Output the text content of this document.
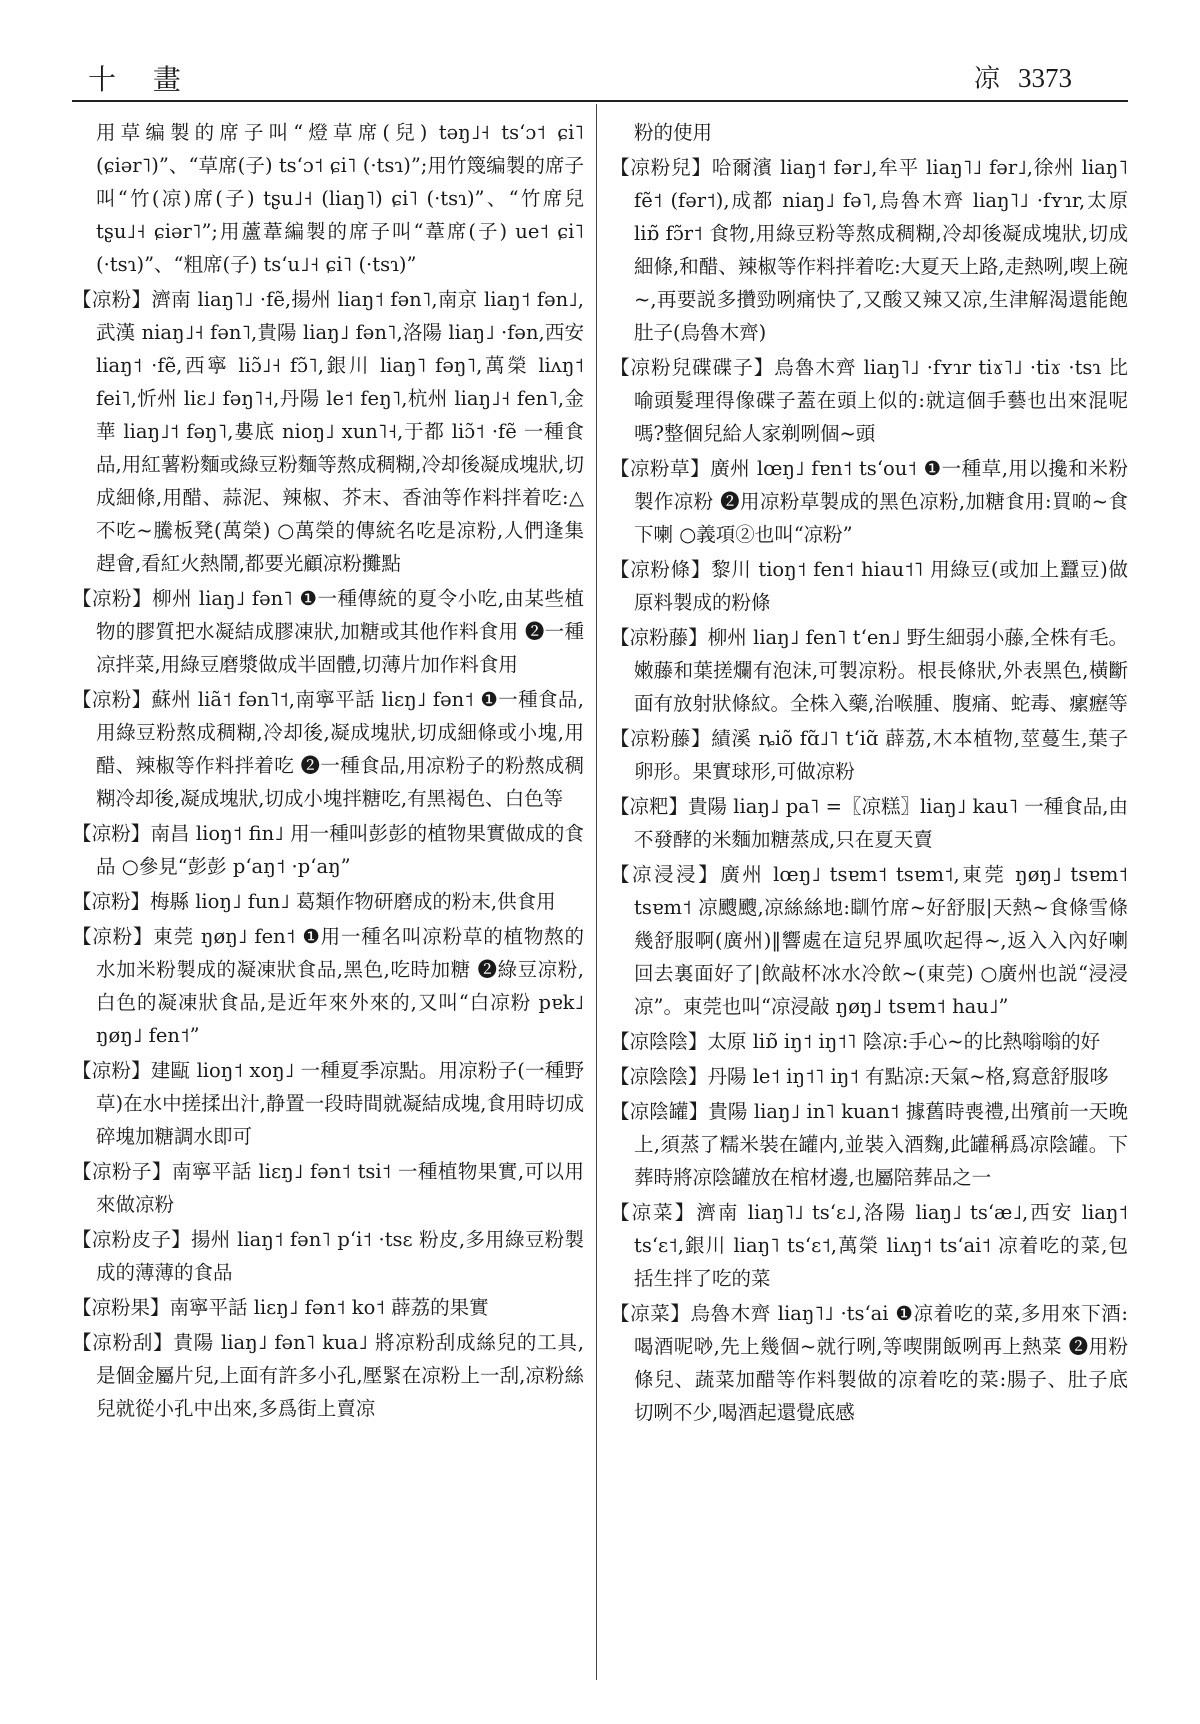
十 畫	凉 3373

用草编製的席子叫“燈草席(兒) təŋ˩˧ tsʻɔ˦ ɕi˥ (ɕiər˥)”、“草席(子) tsʻɔ˦ ɕi˥ (·tsɿ)”;用竹篾编製的席子叫“竹(凉)席(子) tʂu˩˧ (liaŋ˥) ɕi˥ (·tsɿ)”、“竹席兒 tʂu˩˧ ɕiər˥”;用蘆葦編製的席子叫“葦席(子) ue˦ ɕi˥ (·tsɿ)”、“粗席(子) tsʻu˩˧ ɕi˥ (·tsɿ)”

【凉粉】濟南 liaŋ˥˩ ·fẽ,揚州 liaŋ˦ fən˥,南京 liaŋ˦ fən˩,武漢 niaŋ˩˧ fən˥,貴陽 liaŋ˩ fən˥,洛陽 liaŋ˩ ·fən,西安 liaŋ˦ ·fẽ,西寧 liɔ̃˩˧ fɔ̃˥,銀川 liaŋ˥ fəŋ˥,萬榮 liʌŋ˦ fei˥,忻州 liɛ˩ fəŋ˥˧,丹陽 le˦ feŋ˥,杭州 liaŋ˩˧ fen˥,金華 liaŋ˩˦ fəŋ˥,婁底 nioŋ˩ xun˥˧,于都 liɔ̃˦ ·fẽ 一種食品,用紅薯粉麵或綠豆粉麵等熬成稠糊,冷却後凝成塊狀,切成細條,用醋、蒜泥、辣椒、芥末、香油等作料拌着吃:△不吃~騰板凳(萬榮) ○萬榮的傳統名吃是凉粉,人們逢集趕會,看紅火熱鬧,都要光顧凉粉攤點

【凉粉】柳州 liaŋ˩ fən˥ ❶一種傳統的夏令小吃,由某些植物的膠質把水凝結成膠凍狀,加糖或其他作料食用 ❷一種凉拌菜,用綠豆磨漿做成半固體,切薄片加作料食用

【凉粉】蘇州 liã˦ fən˥˦,南寧平話 liɛŋ˩ fən˦ ❶一種食品,用綠豆粉熬成稠糊,冷却後,凝成塊狀,切成細條或小塊,用醋、辣椒等作料拌着吃 ❷一種食品,用凉粉子的粉熬成稠糊冷却後,凝成塊狀,切成小塊拌糖吃,有黑褐色、白色等

【凉粉】南昌 lioŋ˦ fin˩ 用一種叫彭彭的植物果實做成的食品 ○參見“彭彭 pʻaŋ˦ ·pʻaŋ”

【凉粉】梅縣 lioŋ˩ fun˩ 葛類作物研磨成的粉末,供食用

【凉粉】東莞 ŋøŋ˩ fen˦ ❶用一種名叫凉粉草的植物熬的水加米粉製成的凝凍狀食品,黑色,吃時加糖 ❷綠豆凉粉,白色的凝凍狀食品,是近年來外來的,又叫“白凉粉 pɐk˩ ŋøŋ˩ fen˦”

【凉粉】建甌 lioŋ˦ xoŋ˩ 一種夏季凉點。用凉粉子(一種野草)在水中搓揉出汁,静置一段時間就凝結成塊,食用時切成碎塊加糖調水即可

【凉粉子】南寧平話 liɛŋ˩ fən˦ tsi˦ 一種植物果實,可以用來做凉粉

【凉粉皮子】揚州 liaŋ˦ fən˥ pʻi˦ ·tsɛ 粉皮,多用綠豆粉製成的薄薄的食品

【凉粉果】南寧平話 liɛŋ˩ fən˦ ko˦ 薜荔的果實

【凉粉刮】貴陽 liaŋ˩ fən˥ kua˩ 將凉粉刮成絲兒的工具,是個金屬片兒,上面有許多小孔,壓緊在凉粉上一刮,凉粉絲兒就從小孔中出來,多爲街上賣凉

粉的使用

【凉粉兒】哈爾濱 liaŋ˦ fər˩,牟平 liaŋ˥˩ fər˩,徐州 liaŋ˥ fẽ˦ (fər˦),成都 niaŋ˩ fə˥,烏魯木齊 liaŋ˥˩ ·fʏɿr,太原 liɒ̃ fɔ̃r˦ 食物,用綠豆粉等熬成稠糊,冷却後凝成塊狀,切成細條,和醋、辣椒等作料拌着吃:大夏天上路,走熱咧,喫上碗~,再要説多攢勁咧痛快了,又酸又辣又凉,生津解渴還能飽肚子(烏魯木齊)

【凉粉兒碟碟子】烏魯木齊 liaŋ˥˩ ·fʏɿr tiɤ˥˩ ·tiɤ ·tsɿ 比喻頭髮理得像碟子蓋在頭上似的:就這個手藝也出來混呢嗎?整個兒給人家剃咧個~頭

【凉粉草】廣州 lœŋ˩ fɐn˦ tsʻou˦ ❶一種草,用以攙和米粉製作凉粉 ❷用凉粉草製成的黑色凉粉,加糖食用:買啲~食下喇 ○義項②也叫“凉粉”

【凉粉條】黎川 tioŋ˦ fen˦ hiau˦˥ 用綠豆(或加上蠶豆)做原料製成的粉條

【凉粉藤】柳州 liaŋ˩ fen˥ tʻen˩ 野生細弱小藤,全株有毛。嫩藤和葉搓爛有泡沫,可製凉粉。根長條狀,外表黑色,橫斷面有放射狀條紋。全株入藥,治喉腫、腹痛、蛇毒、瘰癧等

【凉粉藤】績溪 ȵiõ fɑ̃˩˥ tʻiɑ̃ 薜荔,木本植物,莖蔓生,葉子卵形。果實球形,可做凉粉

【凉粑】貴陽 liaŋ˩ pa˥ =〖凉糕〗liaŋ˩ kau˥ 一種食品,由不發酵的米麵加糖蒸成,只在夏天賣

【凉浸浸】廣州 lœŋ˩ tsɐm˦ tsɐm˦,東莞 ŋøŋ˩ tsɐm˦ tsɐm˦ 凉颼颼,凉絲絲地:瞓竹席~好舒服|天熱~食條雪條幾舒服啊(廣州)‖響處在這兒界風吹起得~,返入入內好喇回去裏面好了|飲敲杯冰水冷飲~(東莞) ○廣州也説“浸浸凉”。東莞也叫“凉浸敲 ŋøŋ˩ tsɐm˦ hau˩”

【凉陰陰】太原 liɒ̃ iŋ˦ iŋ˦˥ 陰凉:手心~的比熱嗡嗡的好

【凉陰陰】丹陽 le˦ iŋ˦˥ iŋ˦ 有點凉:天氣~格,寫意舒服哆

【凉陰罐】貴陽 liaŋ˩ in˥ kuan˦ 據舊時喪禮,出殯前一天晚上,須蒸了糯米裝在罐内,並裝入酒麴,此罐稱爲凉陰罐。下葬時將凉陰罐放在棺材邊,也屬陪葬品之一

【凉菜】濟南 liaŋ˥˩ tsʻɛ˩,洛陽 liaŋ˩ tsʻæ˩,西安 liaŋ˦ tsʻɛ˦,銀川 liaŋ˥ tsʻɛ˦,萬榮 liʌŋ˦ tsʻai˦ 凉着吃的菜,包括生拌了吃的菜

【凉菜】烏魯木齊 liaŋ˥˩ ·tsʻai ❶凉着吃的菜,多用來下酒:喝酒呢唦,先上幾個~就行咧,等喫開飯咧再上熱菜 ❷用粉條兒、蔬菜加醋等作料製做的凉着吃的菜:腸子、肚子底切咧不少,喝酒起還覺底感
